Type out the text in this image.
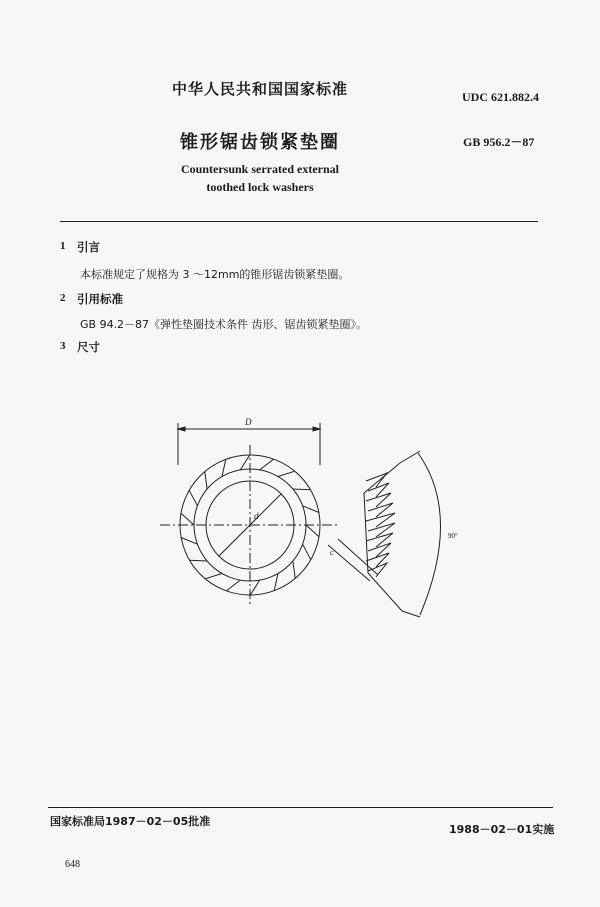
中华人民共和国国家标准	UDC 621.882.4
锥形锯齿锁紧垫圈	GB 956.2－87
Countersunk serrated external
toothed lock washers
1 引言
本标准规定了规格为 3 ～12mm的锥形锯齿锁紧垫圈。
2 引用标准
GB 94.2－87《弹性垫圈技术条件 齿形、锯齿锁紧垫圈》。
3 尺寸
D
d
c
90°
国家标准局1987－02－05批准
1988－02－01实施
648
